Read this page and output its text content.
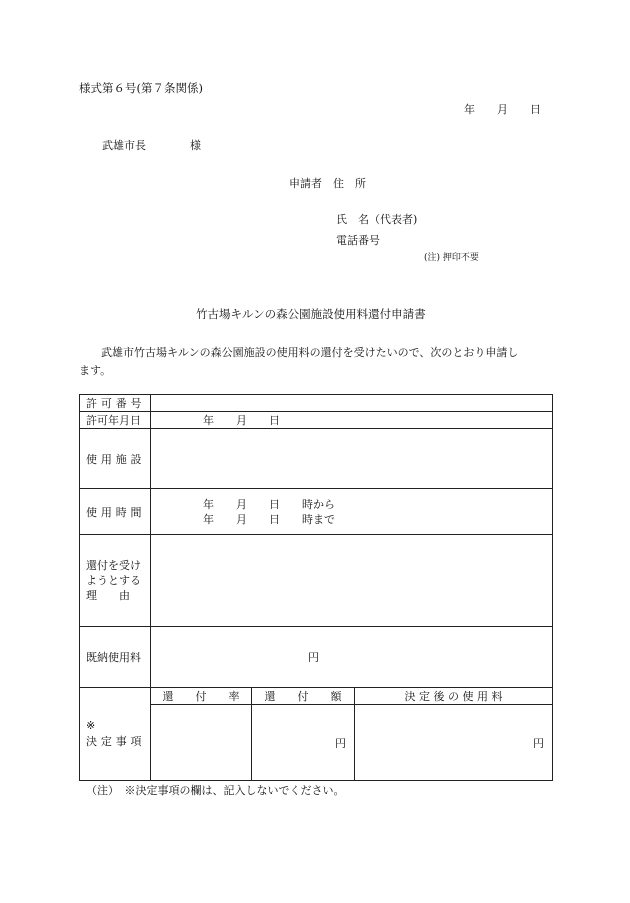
様式第６号(第７条関係)
年　　月　　日
武雄市長　　　　様
申請者　住　所
氏　名（代表者)
電話番号
(注) 押印不要
竹古場キルンの森公園施設使用料還付申請書
武雄市竹古場キルンの森公園施設の使用料の還付を受けたいので、次のとおり申請し
ます。
許可番号			
許可年月日	年　　月　　日		
使用施設			
使用時間	年　　月　　日　　時から
年　　月　　日　　時まで		

還付を受け
ようとする
理　　由			

既納使用料	円		

※
決定事項	還　　付　　率	還　　付　　額	決 定 後 の 使 用 料
		円	円
（注）　※決定事項の欄は、記入しないでください。
